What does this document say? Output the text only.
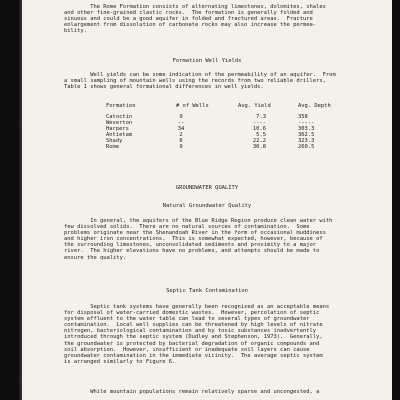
The Rome Formation consists of alternating limestones, dolomites, shales

and other fine-grained clastic rocks.  The formation is generally folded and

sinuous and could be a good aquifer in folded and fractured areas.  Fracture

enlargement from dissolution of carbonate rocks may also increase the permea-

bility.

Formation Well Yields

Well yields can be some indication of the permeability of an aquifer.  From

a small sampling of mountain wells using the records from two reliable drillers,

Table 1 shows general formational differences in well yields.

Formation	# of Wells	Avg. Yield	Avg. Depth
Catoctin	9	7.3	358
Weverton	--	----	-----
Harpers	34	10.6	303.3
Antietam	2	5.5	362.5
Shady	6	22.2	323.3
Rome	9	30.8	260.5
GROUNDWATER QUALITY
Natural Groundwater Quality

In general, the aquifers of the Blue Ridge Region produce clean water with

few dissolved solids.  There are no natural sources of contamination.  Some

problems originate near the Shenandoah River in the form of occasional muddiness

and higher iron concentrations.  This is somewhat expected, however, because of

the surrounding limestones, unconsolidated sediments and proximity to a major

river.  The higher elevations have no problems, and attempts should be made to

ensure the quality.

Septic Tank Contamination

Septic tank systems have generally been recognized as an acceptable means

for disposal of water-carried domestic wastes.  However, percolation of septic

system effluent to the water table can lead to several types of groundwater

contamination.  Local well supplies can be threatened by high levels of nitrate

nitrogen, bacteriological contamination and by toxic substances inadvertently

introduced through the septic system (Dudley and Stephenson, 1973).  Generally,

the groundwater is protected by bacterial degradation of organic compounds and

soil absorption.  However, insufficient or inadequate soil layers can cause

groundwater contamination in the immediate vicinity.  The average septic system

is arranged similarly to Figure 6.

While mountain populations remain relatively sparse and uncongested, a
